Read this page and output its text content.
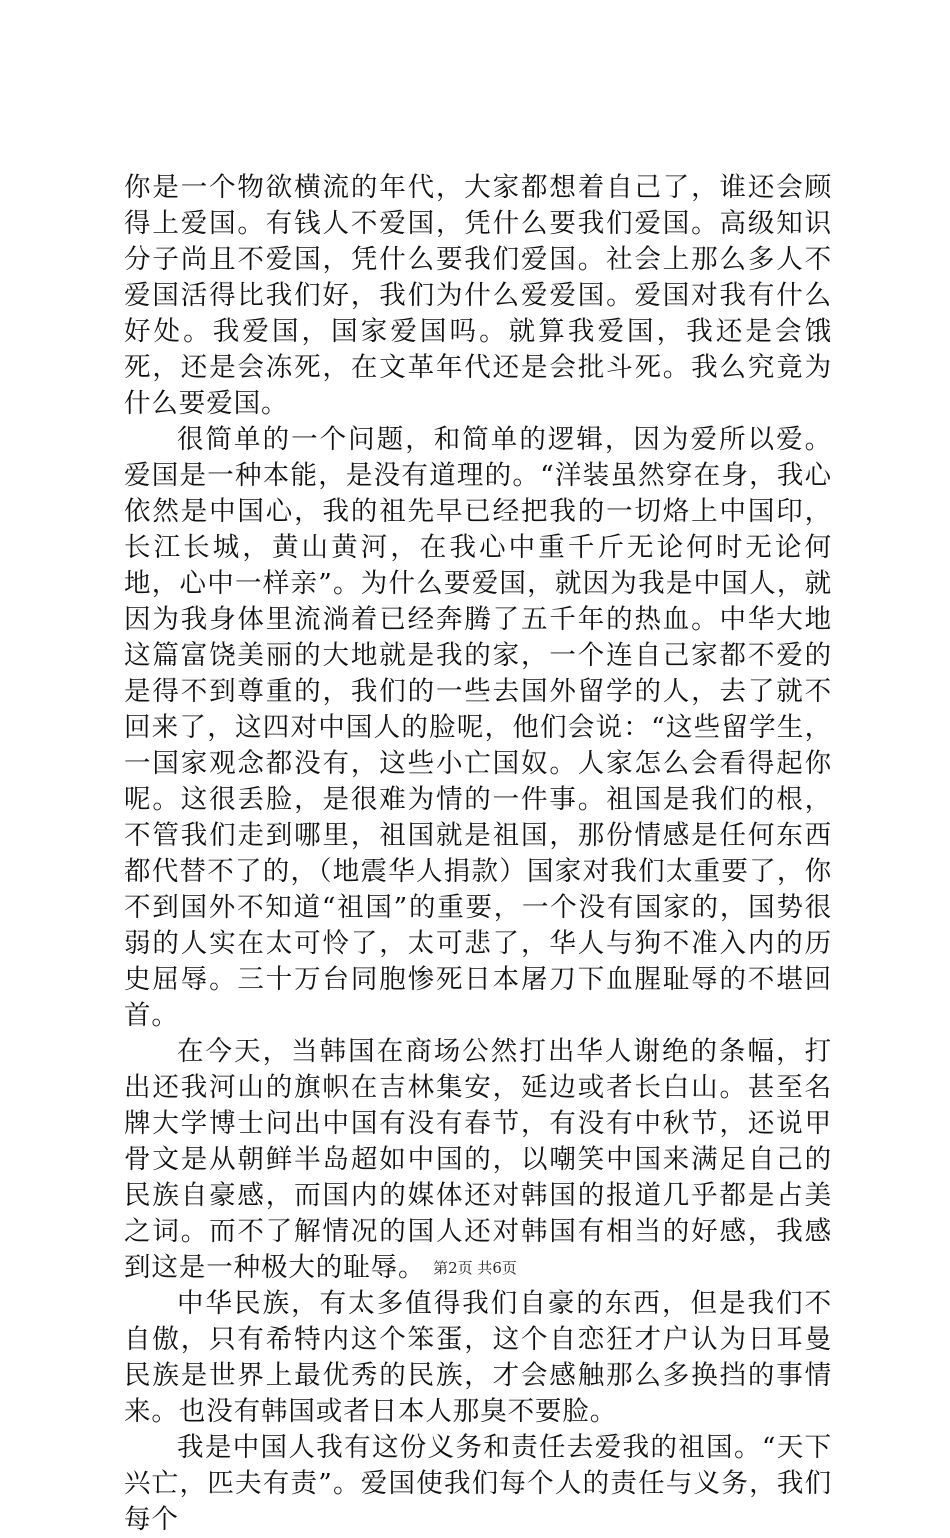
你是一个物欲横流的年代，大家都想着自己了，谁还会顾得上爱国。有钱人不爱国，凭什么要我们爱国。高级知识分子尚且不爱国，凭什么要我们爱国。社会上那么多人不爱国活得比我们好，我们为什么爱爱国。爱国对我有什么好处。我爱国，国家爱国吗。就算我爱国，我还是会饿死，还是会冻死，在文革年代还是会批斗死。我么究竟为什么要爱国。

很简单的一个问题，和简单的逻辑，因为爱所以爱。爱国是一种本能，是没有道理的。“洋装虽然穿在身，我心依然是中国心，我的祖先早已经把我的一切烙上中国印，长江长城，黄山黄河，在我心中重千斤无论何时无论何地，心中一样亲”。为什么要爱国，就因为我是中国人，就因为我身体里流淌着已经奔腾了五千年的热血。中华大地这篇富饶美丽的大地就是我的家，一个连自己家都不爱的是得不到尊重的，我们的一些去国外留学的人，去了就不回来了，这四对中国人的脸呢，他们会说：“这些留学生，一国家观念都没有，这些小亡国奴。人家怎么会看得起你呢。这很丢脸，是很难为情的一件事。祖国是我们的根，不管我们走到哪里，祖国就是祖国，那份情感是任何东西都代替不了的，（地震华人捐款）国家对我们太重要了，你不到国外不知道“祖国”的重要，一个没有国家的，国势很弱的人实在太可怜了，太可悲了，华人与狗不准入内的历史屈辱。三十万台同胞惨死日本屠刀下血腥耻辱的不堪回首。

在今天，当韩国在商场公然打出华人谢绝的条幅，打出还我河山的旗帜在吉林集安，延边或者长白山。甚至名牌大学博士问出中国有没有春节，有没有中秋节，还说甲骨文是从朝鲜半岛超如中国的，以嘲笑中国来满足自己的民族自豪感，而国内的媒体还对韩国的报道几乎都是占美之词。而不了解情况的国人还对韩国有相当的好感，我感到这是一种极大的耻辱。

中华民族，有太多值得我们自豪的东西，但是我们不自傲，只有希特内这个笨蛋，这个自恋狂才户认为日耳曼民族是世界上最优秀的民族，才会感触那么多换挡的事情来。也没有韩国或者日本人那臭不要脸。

我是中国人我有这份义务和责任去爱我的祖国。“天下兴亡，匹夫有责”。爱国使我们每个人的责任与义务，我们每个

第2页 共6页
